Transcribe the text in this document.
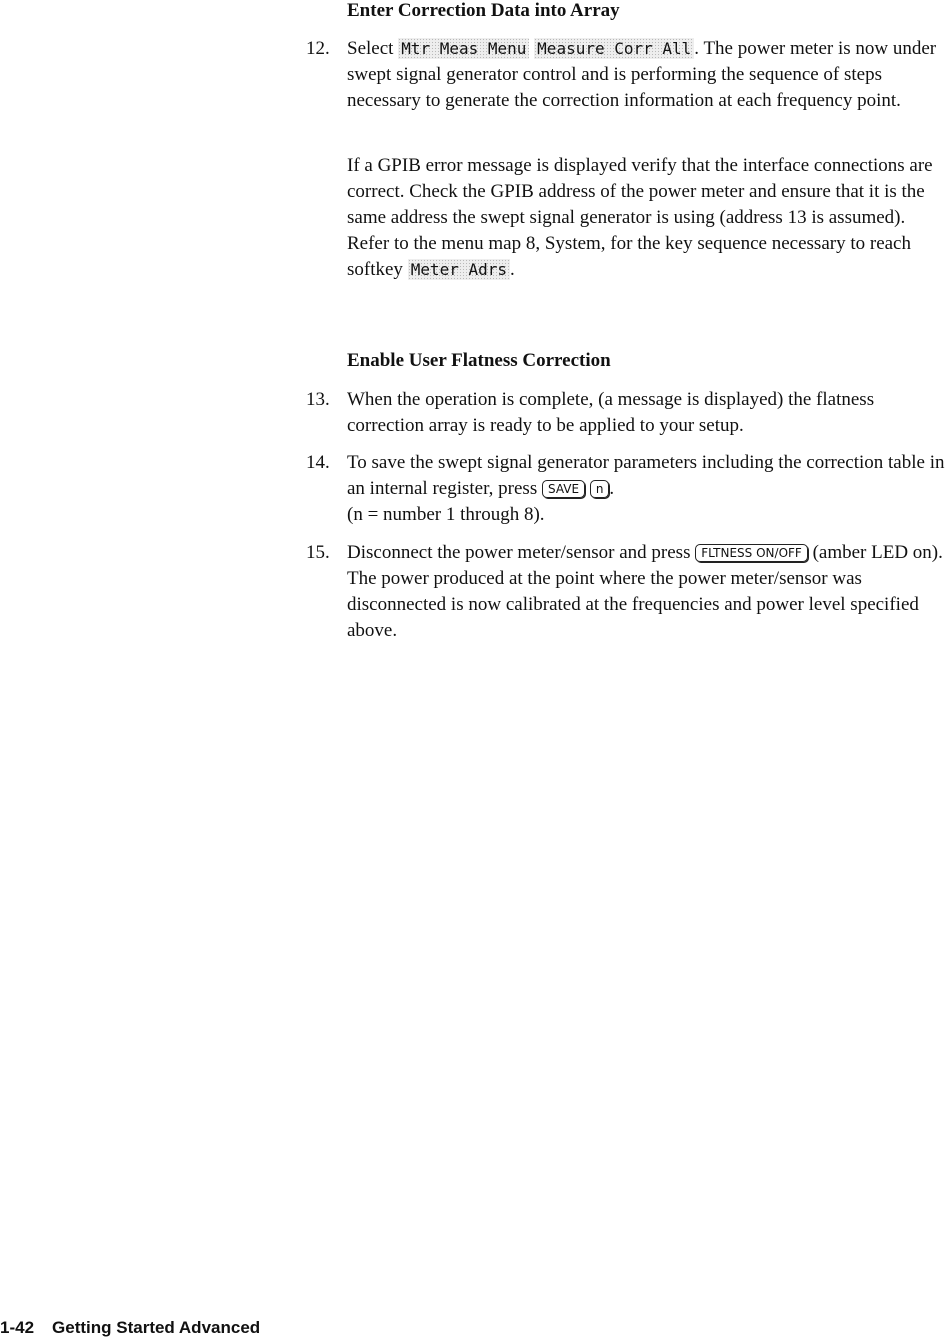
Enter Correction Data into Array
12. Select Mtr Meas Menu Measure Corr All . The power meter is now under swept signal generator control and is performing the sequence of steps necessary to generate the correction information at each frequency point.
If a GPIB error message is displayed verify that the interface connections are correct. Check the GPIB address of the power meter and ensure that it is the same address the swept signal generator is using (address 13 is assumed). Refer to the menu map 8, System, for the key sequence necessary to reach softkey Meter Adrs .
Enable User Flatness Correction
13. When the operation is complete, (a message is displayed) the flatness correction array is ready to be applied to your setup.
14. To save the swept signal generator parameters including the correction table in an internal register, press SAVE n .
(n = number 1 through 8).
15. Disconnect the power meter/sensor and press FLTNESS ON/OFF (amber LED on). The power produced at the point where the power meter/sensor was disconnected is now calibrated at the frequencies and power level specified above.
1-42 Getting Started Advanced
